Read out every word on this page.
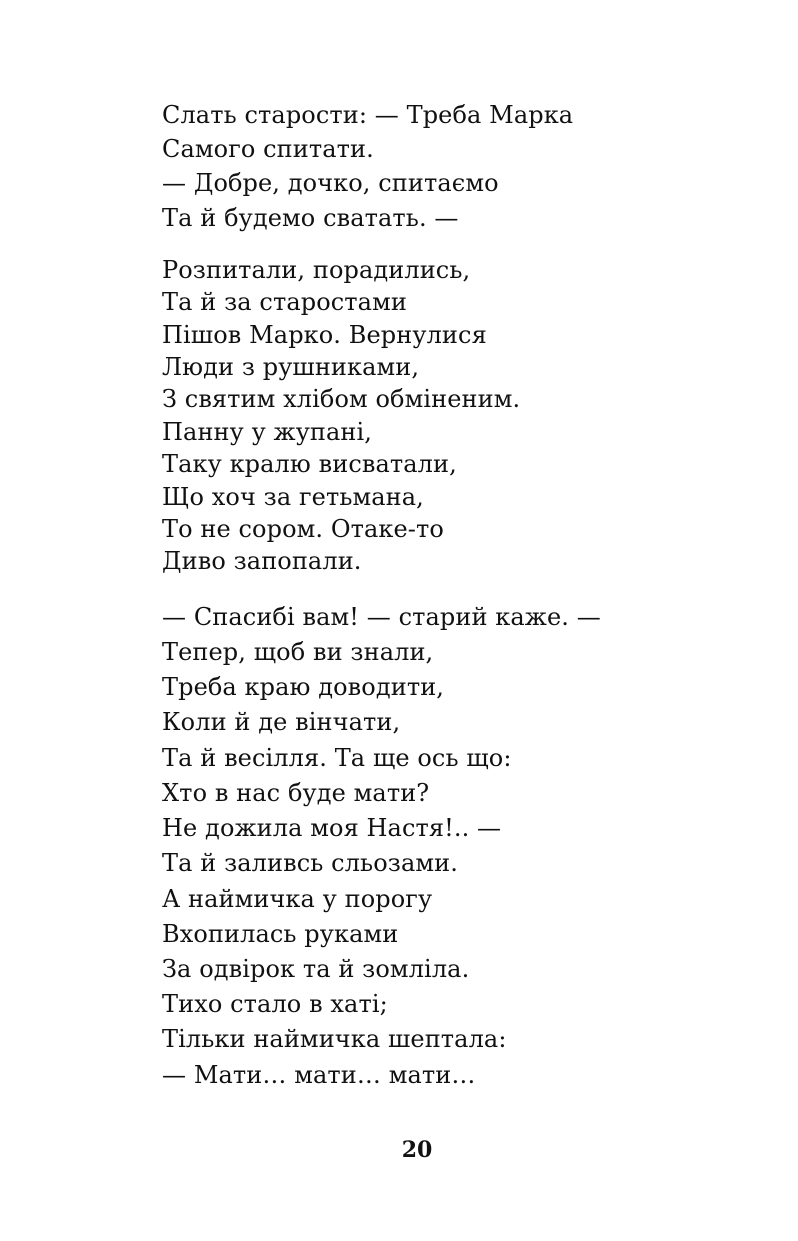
Слать старости: — Треба Марка
Самого спитати.
— Добре, дочко, спитаємо
Та й будемо сватать. —
Розпитали, порадились,
Та й за старостами
Пішов Марко. Вернулися
Люди з рушниками,
З святим хлібом обміненим.
Панну у жупані,
Таку кралю висватали,
Що хоч за гетьмана,
То не сором. Отаке-то
Диво запопали.
— Спасибі вам! — старий каже. —
Тепер, щоб ви знали,
Треба краю доводити,
Коли й де вінчати,
Та й весілля. Та ще ось що:
Хто в нас буде мати?
Не дожила моя Настя!.. —
Та й заливсь сльозами.
А наймичка у порогу
Вхопилась руками
За одвірок та й зомліла.
Тихо стало в хаті;
Тільки наймичка шептала:
— Мати… мати… мати…
20
